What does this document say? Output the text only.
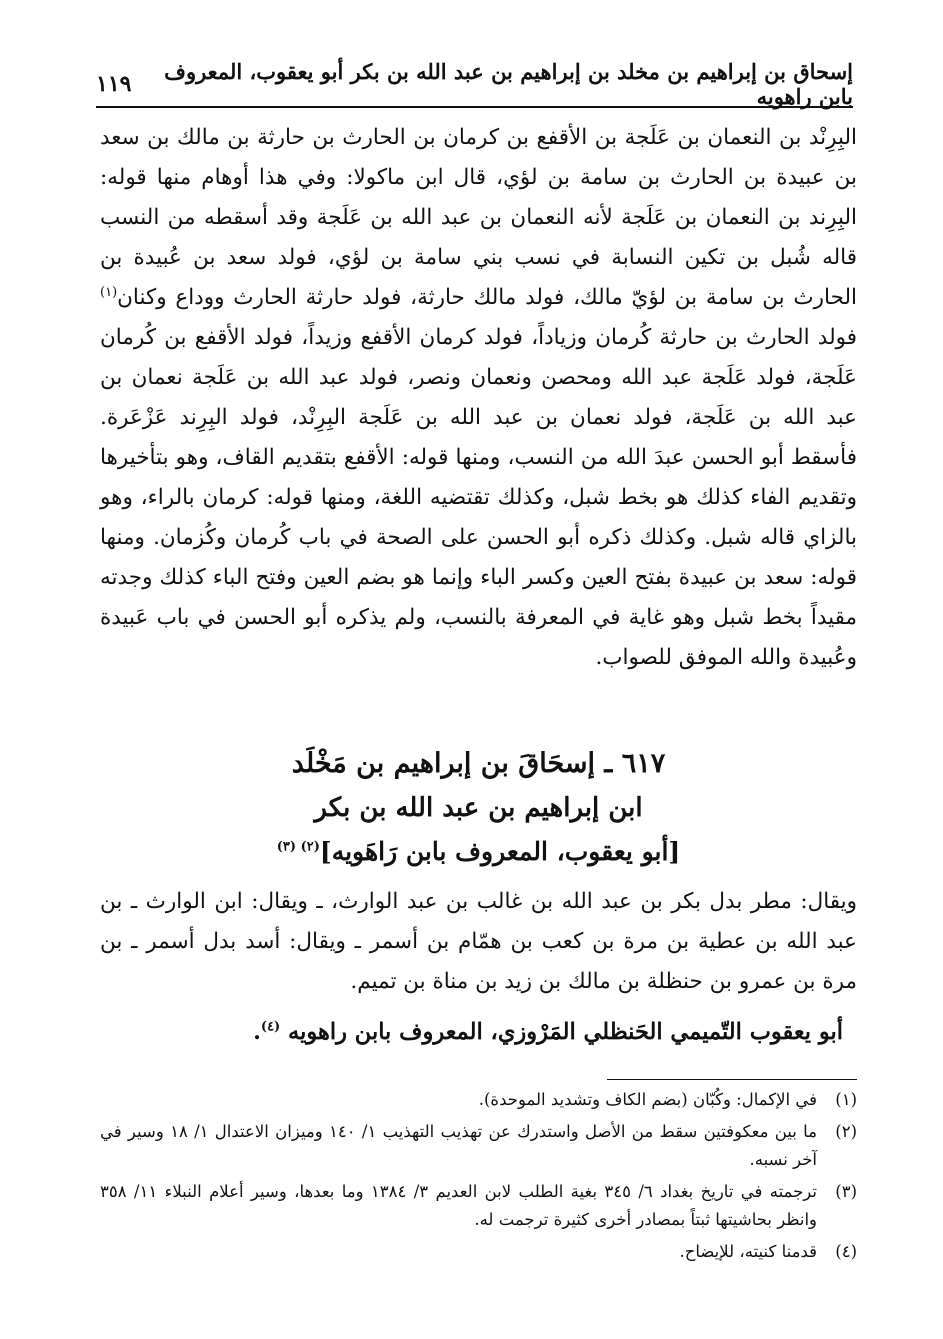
إسحاق بن إبراهيم بن مخلد بن إبراهيم بن عبد الله بن بكر أبو يعقوب، المعروف بابن راهويه
١١٩

البِرِنْد بن النعمان بن عَلَجة بن الأقفع بن كرمان بن الحارث بن حارثة بن مالك بن سعد بن عبيدة بن الحارث بن سامة بن لؤي، قال ابن ماكولا: وفي هذا أوهام منها قوله: البِرِند بن النعمان بن عَلَجة لأنه النعمان بن عبد الله بن عَلَجة وقد أسقطه من النسب قاله شُبل بن تكين النسابة في نسب بني سامة بن لؤي، فولد سعد بن عُبيدة بن الحارث بن سامة بن لؤيّ مالك، فولد مالك حارثة، فولد حارثة الحارث ووداع وكنان$^{(١)}$ فولد الحارث بن حارثة كُرمان وزياداً، فولد كرمان الأقفع وزيداً، فولد الأقفع بن كُرمان عَلَجة، فولد عَلَجة عبد الله ومحصن ونعمان ونصر، فولد عبد الله بن عَلَجة نعمان بن عبد الله بن عَلَجة، فولد نعمان بن عبد الله بن عَلَجة البِرِنْد، فولد البِرِند عَزْعَرة. فأسقط أبو الحسن عبدَ الله من النسب، ومنها قوله: الأقفع بتقديم القاف، وهو بتأخيرها وتقديم الفاء كذلك هو بخط شبل، وكذلك تقتضيه اللغة، ومنها قوله: كرمان بالراء، وهو بالزاي قاله شبل. وكذلك ذكره أبو الحسن على الصحة في باب كُرمان وكُزمان. ومنها قوله: سعد بن عبيدة بفتح العين وكسر الباء وإنما هو بضم العين وفتح الباء كذلك وجدته مقيداً بخط شبل وهو غاية في المعرفة بالنسب، ولم يذكره أبو الحسن في باب عَبيدة وعُبيدة والله الموفق للصواب.

٦١٧ ـ إسحَاقَ بن إبراهيم بن مَخْلَد
ابن إبراهيم بن عبد الله بن بكر
[أبو يعقوب، المعروف بابن رَاهَويه]$^{(٢) (٣)}$

ويقال: مطر بدل بكر بن عبد الله بن غالب بن عبد الوارث، ـ ويقال: ابن الوارث ـ بن عبد الله بن عطية بن مرة بن كعب بن همّام بن أسمر ـ ويقال: أسد بدل أسمر ـ بن مرة بن عمرو بن حنظلة بن مالك بن زيد بن مناة بن تميم.

أبو يعقوب التّميمي الحَنظلي المَرْوزي، المعروف بابن راهويه $^{(٤)}$.
(١)
في الإكمال: وكُبّان (بضم الكاف وتشديد الموحدة).
(٢)
ما بين معكوفتين سقط من الأصل واستدرك عن تهذيب التهذيب ١/ ١٤٠ وميزان الاعتدال ١/ ١٨ وسير في آخر نسبه.
(٣)
ترجمته في تاريخ بغداد ٦/ ٣٤٥ بغية الطلب لابن العديم ٣/ ١٣٨٤ وما بعدها، وسير أعلام النبلاء ١١/ ٣٥٨ وانظر بحاشيتها ثبتاً بمصادر أخرى كثيرة ترجمت له.
(٤)
قدمنا كنيته، للإيضاح.
